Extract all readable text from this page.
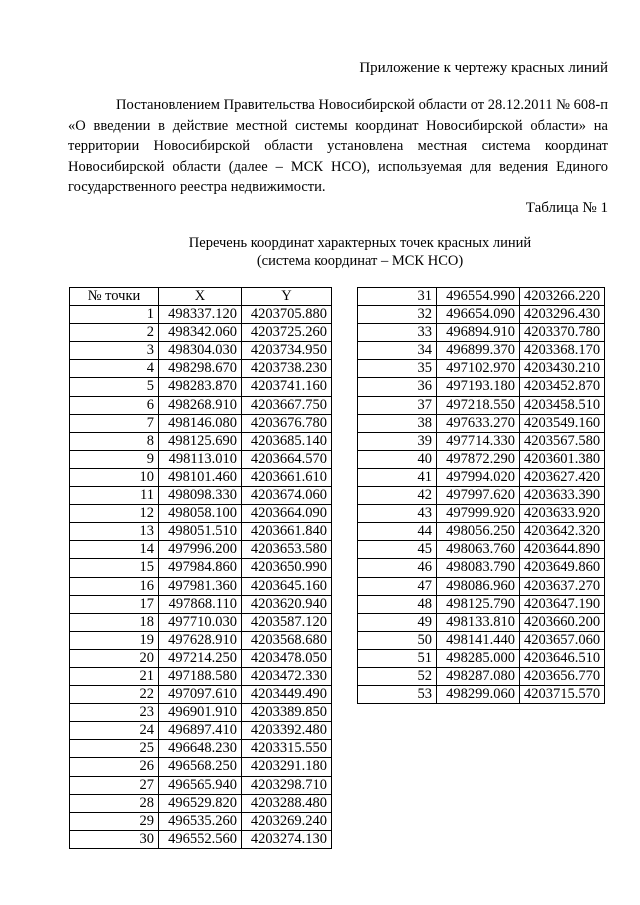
Приложение к чертежу красных линий

Постановлением Правительства Новосибирской области от 28.12.2011 № 608-п «О введении в действие местной системы координат Новосибирской области» на территории Новосибирской области установлена местная система координат Новосибирской области (далее – МСК НСО), используемая для ведения Единого государственного реестра недвижимости.

Таблица № 1
Перечень координат характерных точек красных линий
(система координат – МСК НСО)
№ точки	X	Y
1	498337.120	4203705.880
2	498342.060	4203725.260
3	498304.030	4203734.950
4	498298.670	4203738.230
5	498283.870	4203741.160
6	498268.910	4203667.750
7	498146.080	4203676.780
8	498125.690	4203685.140
9	498113.010	4203664.570
10	498101.460	4203661.610
11	498098.330	4203674.060
12	498058.100	4203664.090
13	498051.510	4203661.840
14	497996.200	4203653.580
15	497984.860	4203650.990
16	497981.360	4203645.160
17	497868.110	4203620.940
18	497710.030	4203587.120
19	497628.910	4203568.680
20	497214.250	4203478.050
21	497188.580	4203472.330
22	497097.610	4203449.490
23	496901.910	4203389.850
24	496897.410	4203392.480
25	496648.230	4203315.550
26	496568.250	4203291.180
27	496565.940	4203298.710
28	496529.820	4203288.480
29	496535.260	4203269.240
30	496552.560	4203274.130
31	496554.990	4203266.220
32	496654.090	4203296.430
33	496894.910	4203370.780
34	496899.370	4203368.170
35	497102.970	4203430.210
36	497193.180	4203452.870
37	497218.550	4203458.510
38	497633.270	4203549.160
39	497714.330	4203567.580
40	497872.290	4203601.380
41	497994.020	4203627.420
42	497997.620	4203633.390
43	497999.920	4203633.920
44	498056.250	4203642.320
45	498063.760	4203644.890
46	498083.790	4203649.860
47	498086.960	4203637.270
48	498125.790	4203647.190
49	498133.810	4203660.200
50	498141.440	4203657.060
51	498285.000	4203646.510
52	498287.080	4203656.770
53	498299.060	4203715.570
